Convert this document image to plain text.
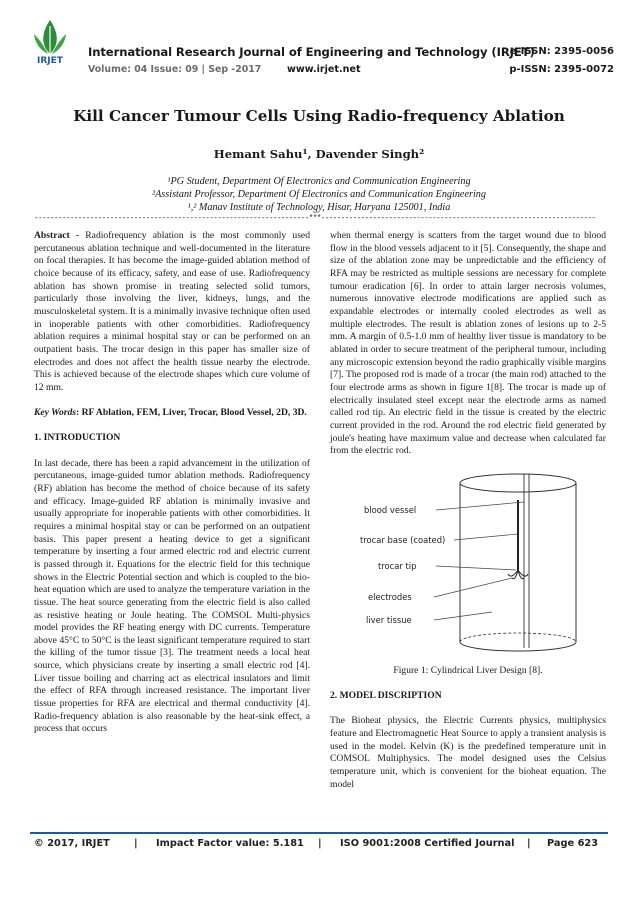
IRJET
International Research Journal of Engineering and Technology (IRJET)
e-ISSN: 2395-0056
Volume: 04 Issue: 09 | Sep -2017	www.irjet.net	p-ISSN: 2395-0072
Kill Cancer Tumour Cells Using Radio-frequency Ablation
Hemant Sahu¹, Davender Singh²
¹PG Student, Department Of Electronics and Communication Engineering
²Assistant Professor, Department Of Electronics and Communication Engineering
¹,² Manav Institute of Technology, Hisar, Haryana 125001, India
---------------------------------------------------------------------***---------------------------------------------------------------------

Abstract - Radiofrequency ablation is the most commonly used percutaneous ablation technique and well-documented in the literature on focal therapies. It has become the image-guided ablation method of choice because of its efficacy, safety, and ease of use. Radiofrequency ablation has shown promise in treating selected solid tumors, particularly those involving the liver, kidneys, lungs, and the musculoskeletal system. It is a minimally invasive technique often used in inoperable patients with other comorbidities. Radiofrequency ablation requires a minimal hospital stay or can be performed on an outpatient basis. The trocar design in this paper has smaller size of electrodes and does not affect the health tissue nearby the electrode. This is achieved because of the electrode shapes which cure volume of 12 mm.

Key Words: RF Ablation, FEM, Liver, Trocar, Blood Vessel, 2D, 3D.

1. INTRODUCTION

In last decade, there has been a rapid advancement in the utilization of percutaneous, image-guided tumor ablation methods. Radiofrequency (RF) ablation has become the method of choice because of its safety and efficacy. Image-guided RF ablation is minimally invasive and usually appropriate for inoperable patients with other comorbidities. It requires a minimal hospital stay or can be performed on an outpatient basis. This paper present a heating device to get a significant temperature by inserting a four armed electric rod and electric current is passed through it. Equations for the electric field for this technique shows in the Electric Potential section and which is coupled to the bio-heat equation which are used to analyze the temperature variation in the tissue. The heat source generating from the electric field is also called as resistive heating or Joule heating. The COMSOL Multi-physics model provides the RF heating energy with DC currents. Temperature above 45°C to 50°C is the least significant temperature required to start the killing of the tumor tissue [3]. The treatment needs a local heat source, which physicians create by inserting a small electric rod [4]. Liver tissue boiling and charring act as electrical insulators and limit the effect of RFA through increased resistance. The important liver tissue properties for RFA are electrical and thermal conductivity [4]. Radio-frequency ablation is also reasonable by the heat-sink effect, a process that occurs

when thermal energy is scatters from the target wound due to blood flow in the blood vessels adjacent to it [5]. Consequently, the shape and size of the ablation zone may be unpredictable and the efficiency of RFA may be restricted as multiple sessions are necessary for complete tumour eradication [6]. In order to attain larger necrosis volumes, numerous innovative electrode modifications are applied such as expandable electrodes or internally cooled electrodes as well as multiple electrodes. The result is ablation zones of lesions up to 2-5 mm. A margin of 0.5-1.0 mm of healthy liver tissue is mandatory to be ablated in order to secure treatment of the peripheral tumour, including any microscopic extension beyond the radio graphically visible margins [7]. The proposed rod is made of a trocar (the main rod) attached to the four electrode arms as shown in figure 1[8]. The trocar is made up of electrically insulated steel except near the electrode arms as named called rod tip. An electric field in the tissue is created by the electric current provided in the rod. Around the rod electric field generated by joule's heating have maximum value and decrease when calculated far from the electric rod.

blood vessel
trocar base (coated)
trocar tip
electrodes
liver tissue

Figure 1: Cylindrical Liver Design [8].

2. MODEL DISCRIPTION

The Bioheat physics, the Electric Currents physics, multiphysics feature and Electromagnetic Heat Source to apply a transient analysis is used in the model. Kelvin (K) is the predefined temperature unit in COMSOL Multiphysics. The model designed uses the Celsius temperature unit, which is convenient for the bioheat equation. The model

© 2017, IRJET | Impact Factor value: 5.181 | ISO 9001:2008 Certified Journal | Page 623
